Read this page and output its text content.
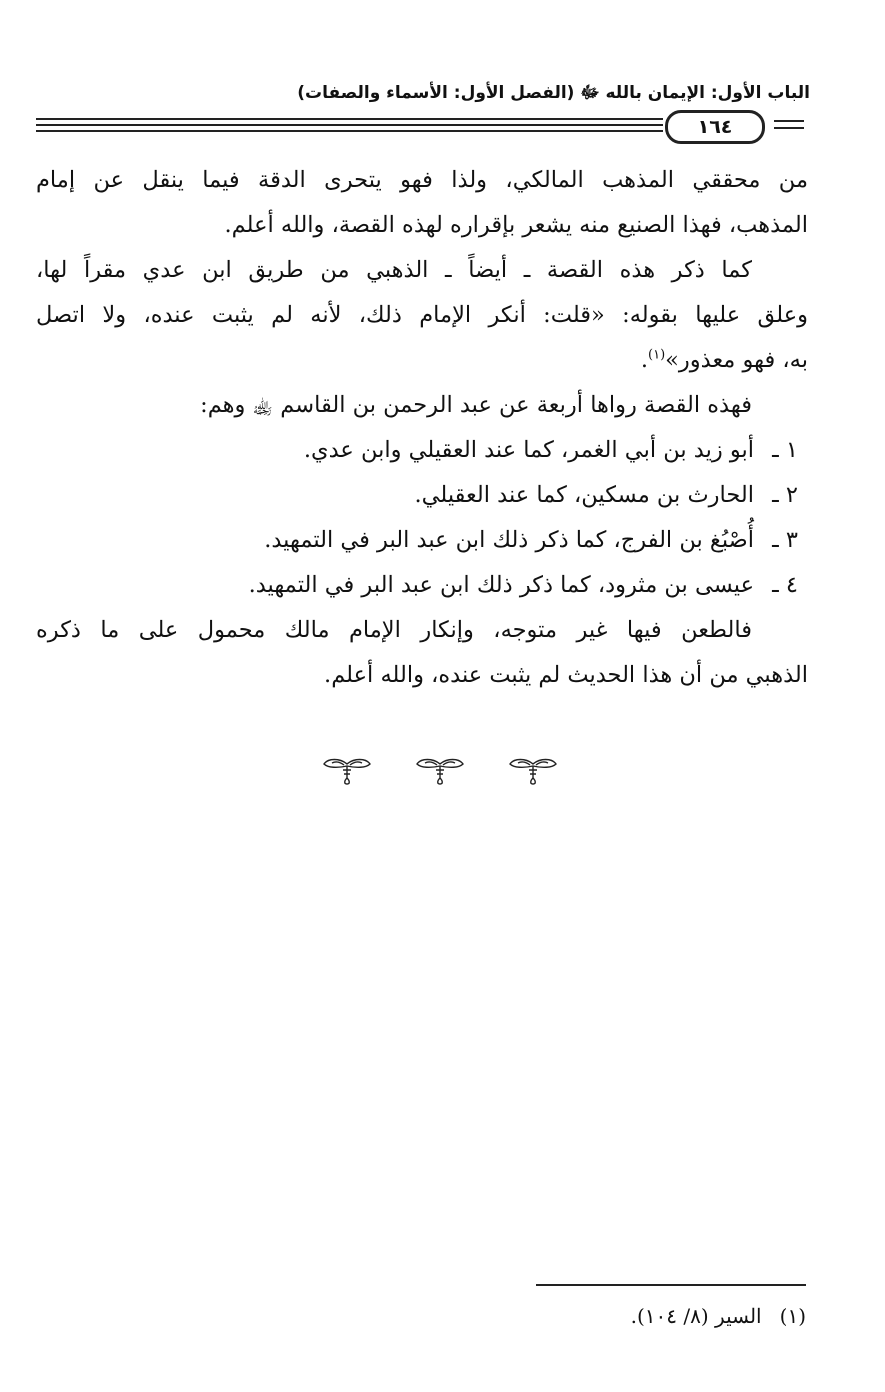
الباب الأول: الإيمان بالله ﷻ (الفصل الأول: الأسماء والصفات)
١٦٤

من محققي المذهب المالكي، ولذا فهو يتحرى الدقة فيما ينقل عن إمام

المذهب، فهذا الصنيع منه يشعر بإقراره لهذه القصة، والله أعلم.

كما ذكر هذه القصة ـ أيضاً ـ الذهبي من طريق ابن عدي مقراً لها،

وعلق عليها بقوله: «قلت: أنكر الإمام ذلك، لأنه لم يثبت عنده، ولا اتصل

به، فهو معذور»$^{(١)}$.

فهذه القصة رواها أربعة عن عبد الرحمن بن القاسم ﵀ وهم:

١ ـأبو زيد بن أبي الغمر، كما عند العقيلي وابن عدي.

٢ ـالحارث بن مسكين، كما عند العقيلي.

٣ ـأُصْبُغ بن الفرج، كما ذكر ذلك ابن عبد البر في التمهيد.

٤ ـعيسى بن مثرود، كما ذكر ذلك ابن عبد البر في التمهيد.

فالطعن فيها غير متوجه، وإنكار الإمام مالك محمول على ما ذكره

الذهبي من أن هذا الحديث لم يثبت عنده، والله أعلم.

(١)السير (٨/ ١٠٤).
